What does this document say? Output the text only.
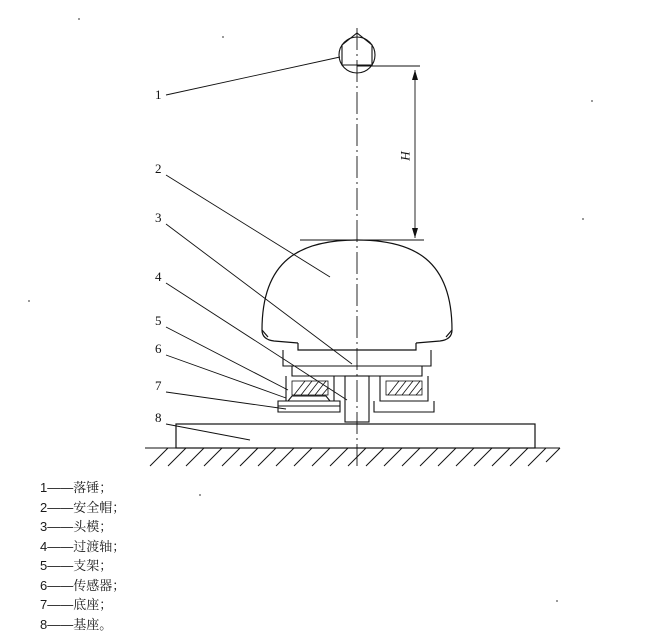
1
2
3
4
5
6
7
8
H
1——落锤；
2——安全帽；
3——头模；
4——过渡轴；
5——支架；
6——传感器；
7——底座；
8——基座。
